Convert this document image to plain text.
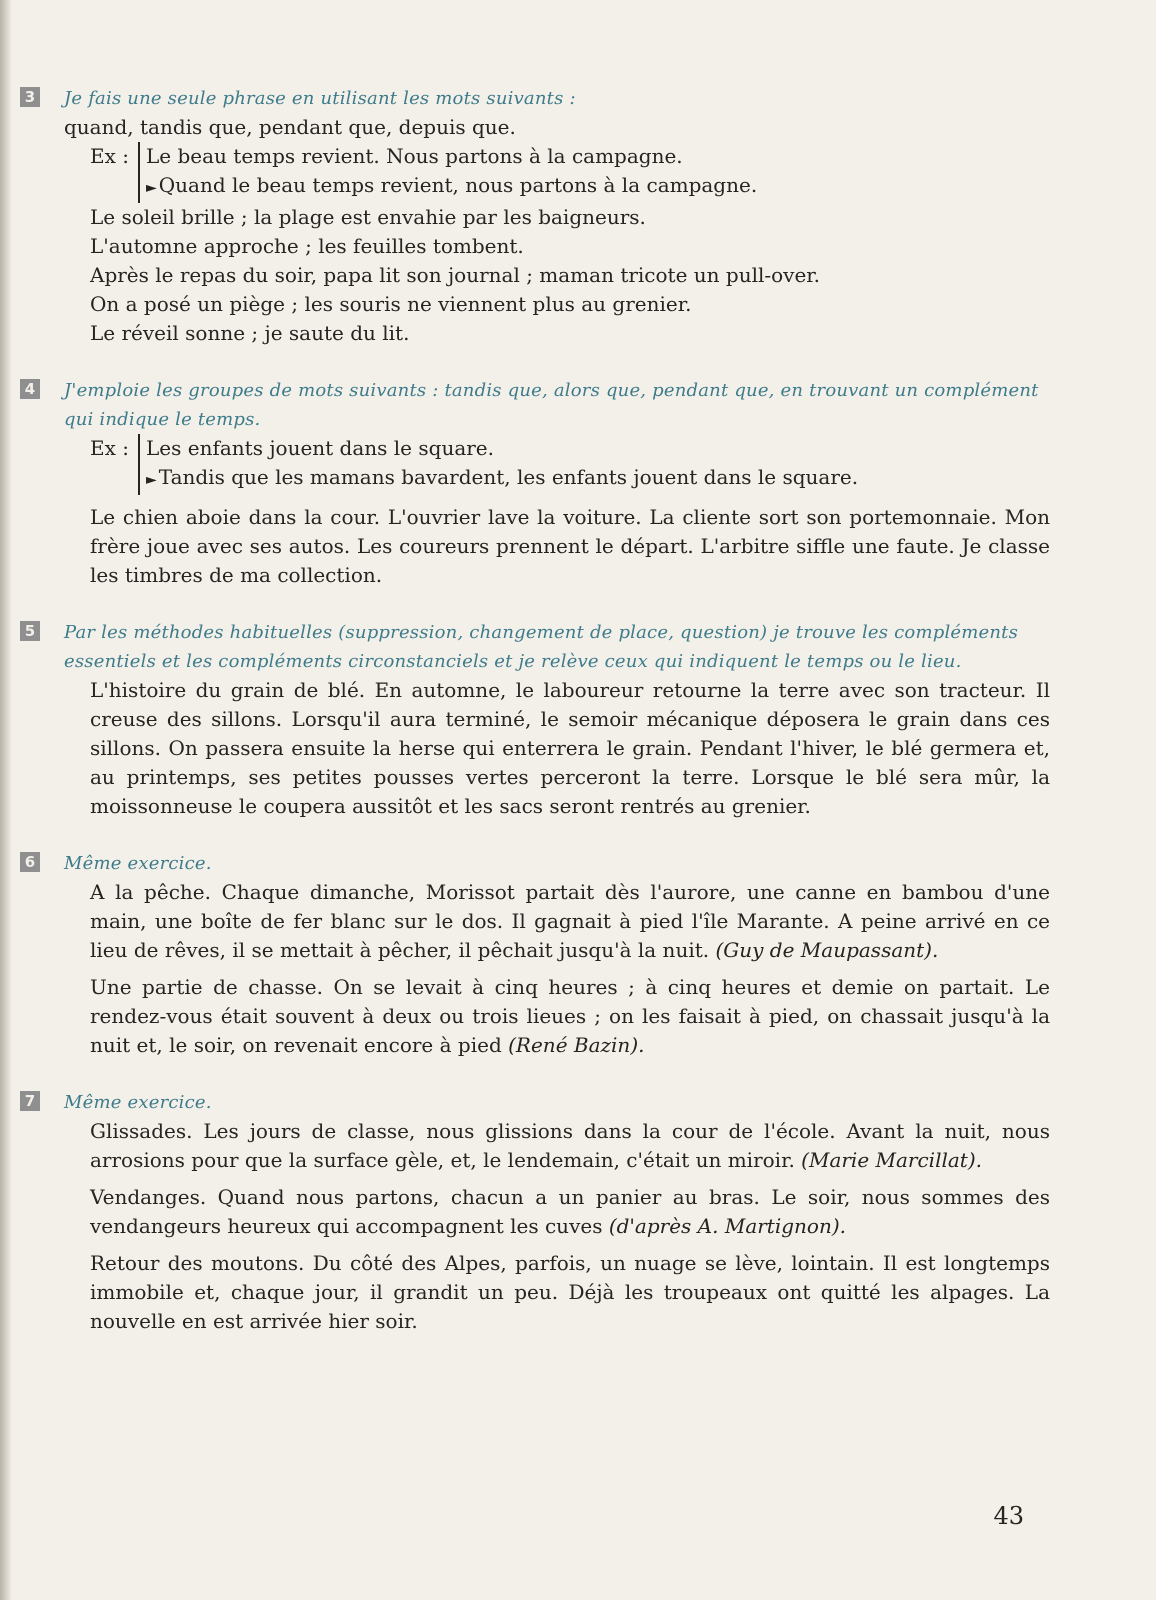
3 Je fais une seule phrase en utilisant les mots suivants :

quand, tandis que, pendant que, depuis que.

Ex : Le beau temps revient. Nous partons à la campagne.

► Quand le beau temps revient, nous partons à la campagne.

Le soleil brille ; la plage est envahie par les baigneurs.

L'automne approche ; les feuilles tombent.

Après le repas du soir, papa lit son journal ; maman tricote un pull-over.

On a posé un piège ; les souris ne viennent plus au grenier.

Le réveil sonne ; je saute du lit.

4 J'emploie les groupes de mots suivants : tandis que, alors que, pendant que, en trouvant un complément qui indique le temps.

Ex : Les enfants jouent dans le square.

► Tandis que les mamans bavardent, les enfants jouent dans le square.

Le chien aboie dans la cour. L'ouvrier lave la voiture. La cliente sort son portemonnaie. Mon frère joue avec ses autos. Les coureurs prennent le départ. L'arbitre siffle une faute. Je classe les timbres de ma collection.

5 Par les méthodes habituelles (suppression, changement de place, question) je trouve les compléments essentiels et les compléments circonstanciels et je relève ceux qui indiquent le temps ou le lieu.

L'histoire du grain de blé. En automne, le laboureur retourne la terre avec son tracteur. Il creuse des sillons. Lorsqu'il aura terminé, le semoir mécanique déposera le grain dans ces sillons. On passera ensuite la herse qui enterrera le grain. Pendant l'hiver, le blé germera et, au printemps, ses petites pousses vertes perceront la terre. Lorsque le blé sera mûr, la moissonneuse le coupera aussitôt et les sacs seront rentrés au grenier.

6 Même exercice.

A la pêche. Chaque dimanche, Morissot partait dès l'aurore, une canne en bambou d'une main, une boîte de fer blanc sur le dos. Il gagnait à pied l'île Marante. A peine arrivé en ce lieu de rêves, il se mettait à pêcher, il pêchait jusqu'à la nuit. (Guy de Maupassant).

Une partie de chasse. On se levait à cinq heures ; à cinq heures et demie on partait. Le rendez-vous était souvent à deux ou trois lieues ; on les faisait à pied, on chassait jusqu'à la nuit et, le soir, on revenait encore à pied (René Bazin).

7 Même exercice.

Glissades. Les jours de classe, nous glissions dans la cour de l'école. Avant la nuit, nous arrosions pour que la surface gèle, et, le lendemain, c'était un miroir. (Marie Marcillat).

Vendanges. Quand nous partons, chacun a un panier au bras. Le soir, nous sommes des vendangeurs heureux qui accompagnent les cuves (d'après A. Martignon).

Retour des moutons. Du côté des Alpes, parfois, un nuage se lève, lointain. Il est longtemps immobile et, chaque jour, il grandit un peu. Déjà les troupeaux ont quitté les alpages. La nouvelle en est arrivée hier soir.

43
